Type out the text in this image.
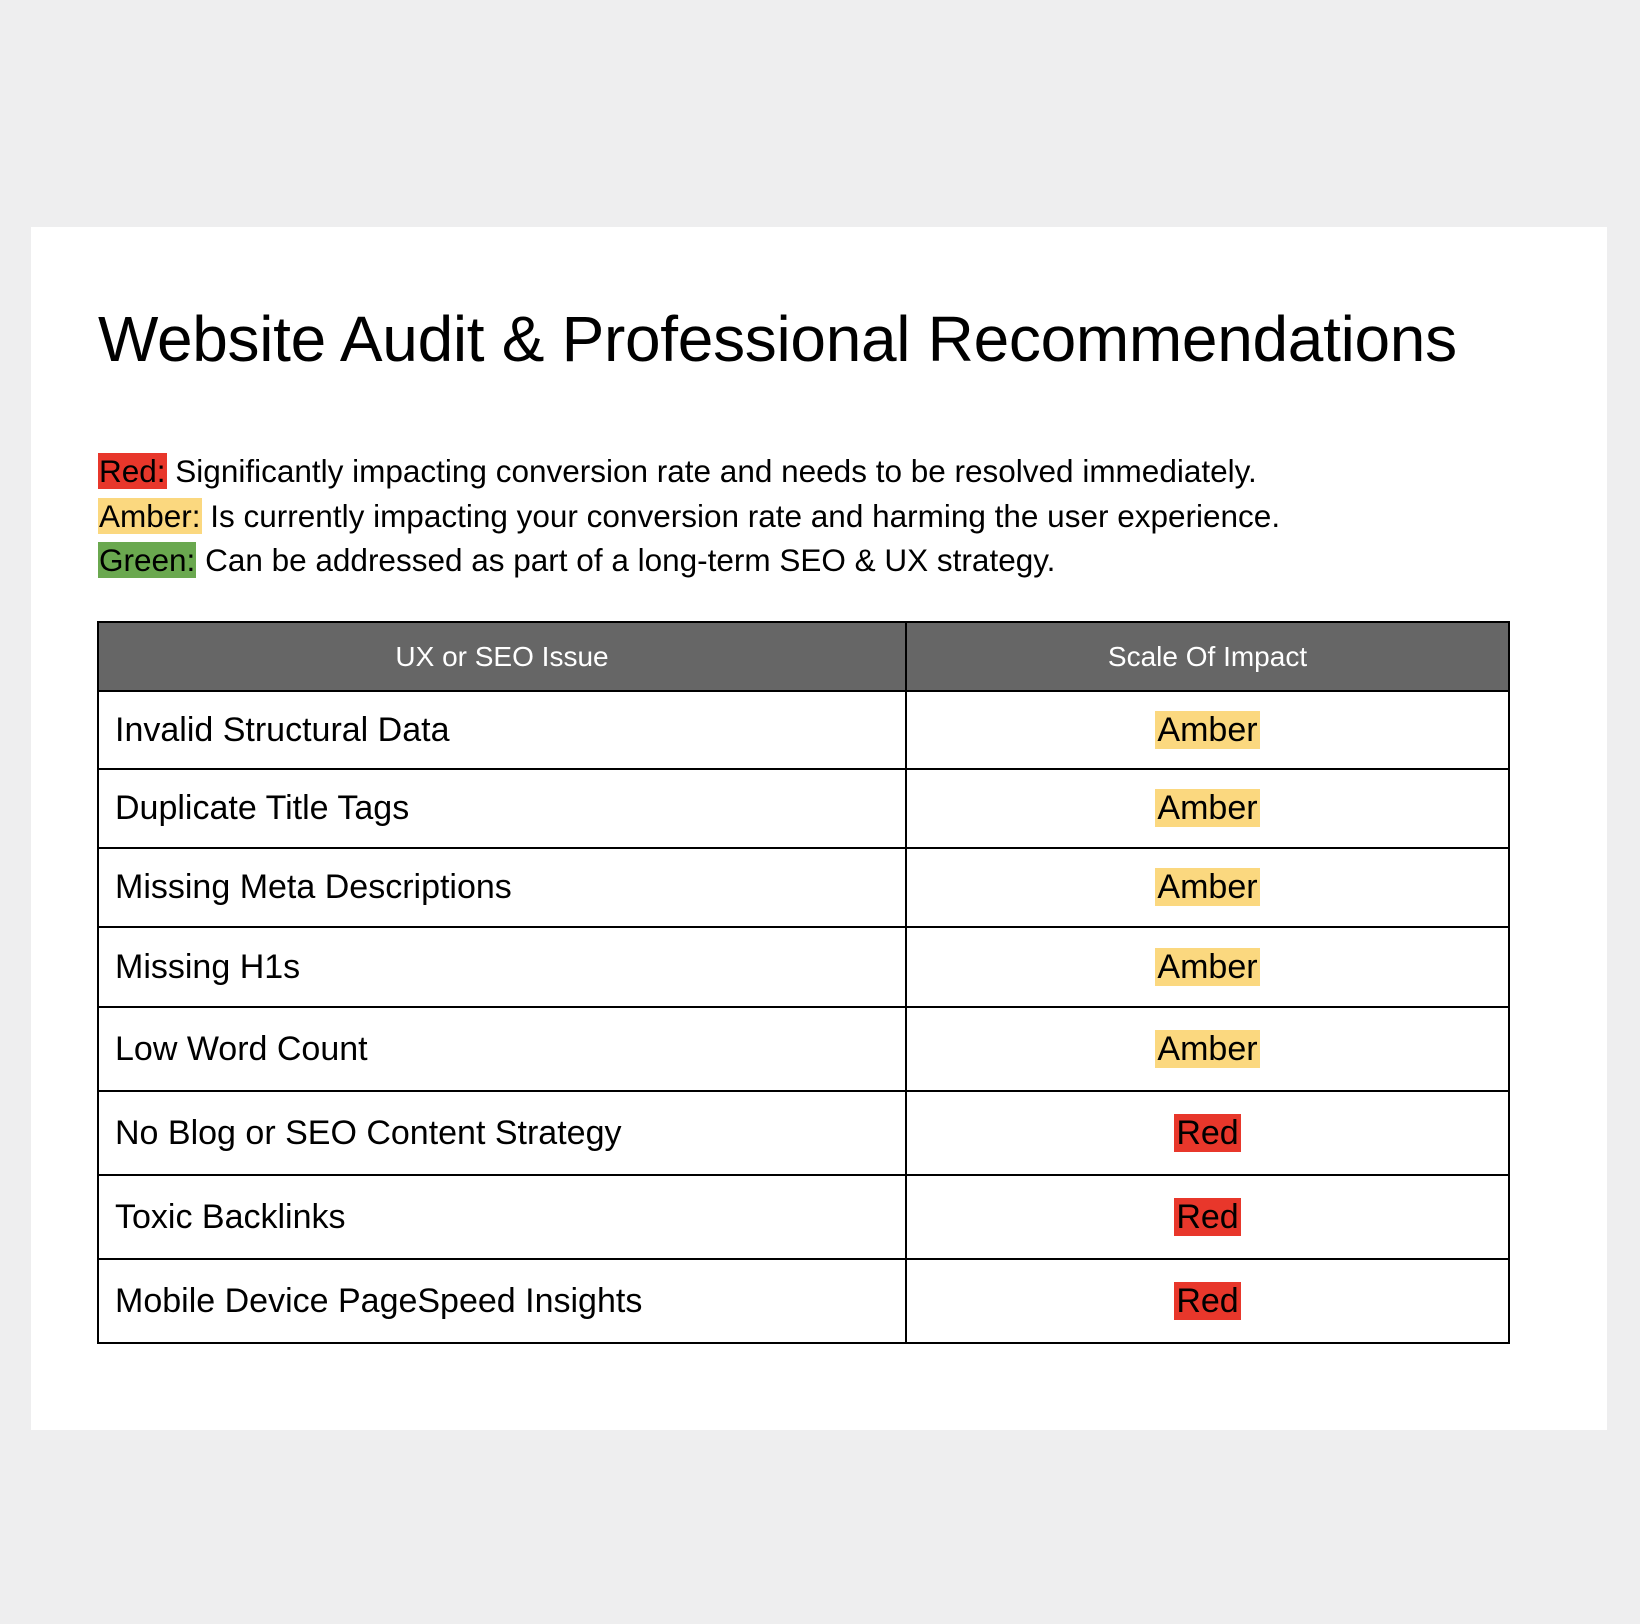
Website Audit & Professional Recommendations
Red: Significantly impacting conversion rate and needs to be resolved immediately.
Amber: Is currently impacting your conversion rate and harming the user experience.
Green: Can be addressed as part of a long-term SEO & UX strategy.
UX or SEO Issue	Scale Of Impact
Invalid Structural Data	Amber
Duplicate Title Tags	Amber
Missing Meta Descriptions	Amber
Missing H1s	Amber
Low Word Count	Amber
No Blog or SEO Content Strategy	Red
Toxic Backlinks	Red
Mobile Device PageSpeed Insights	Red
